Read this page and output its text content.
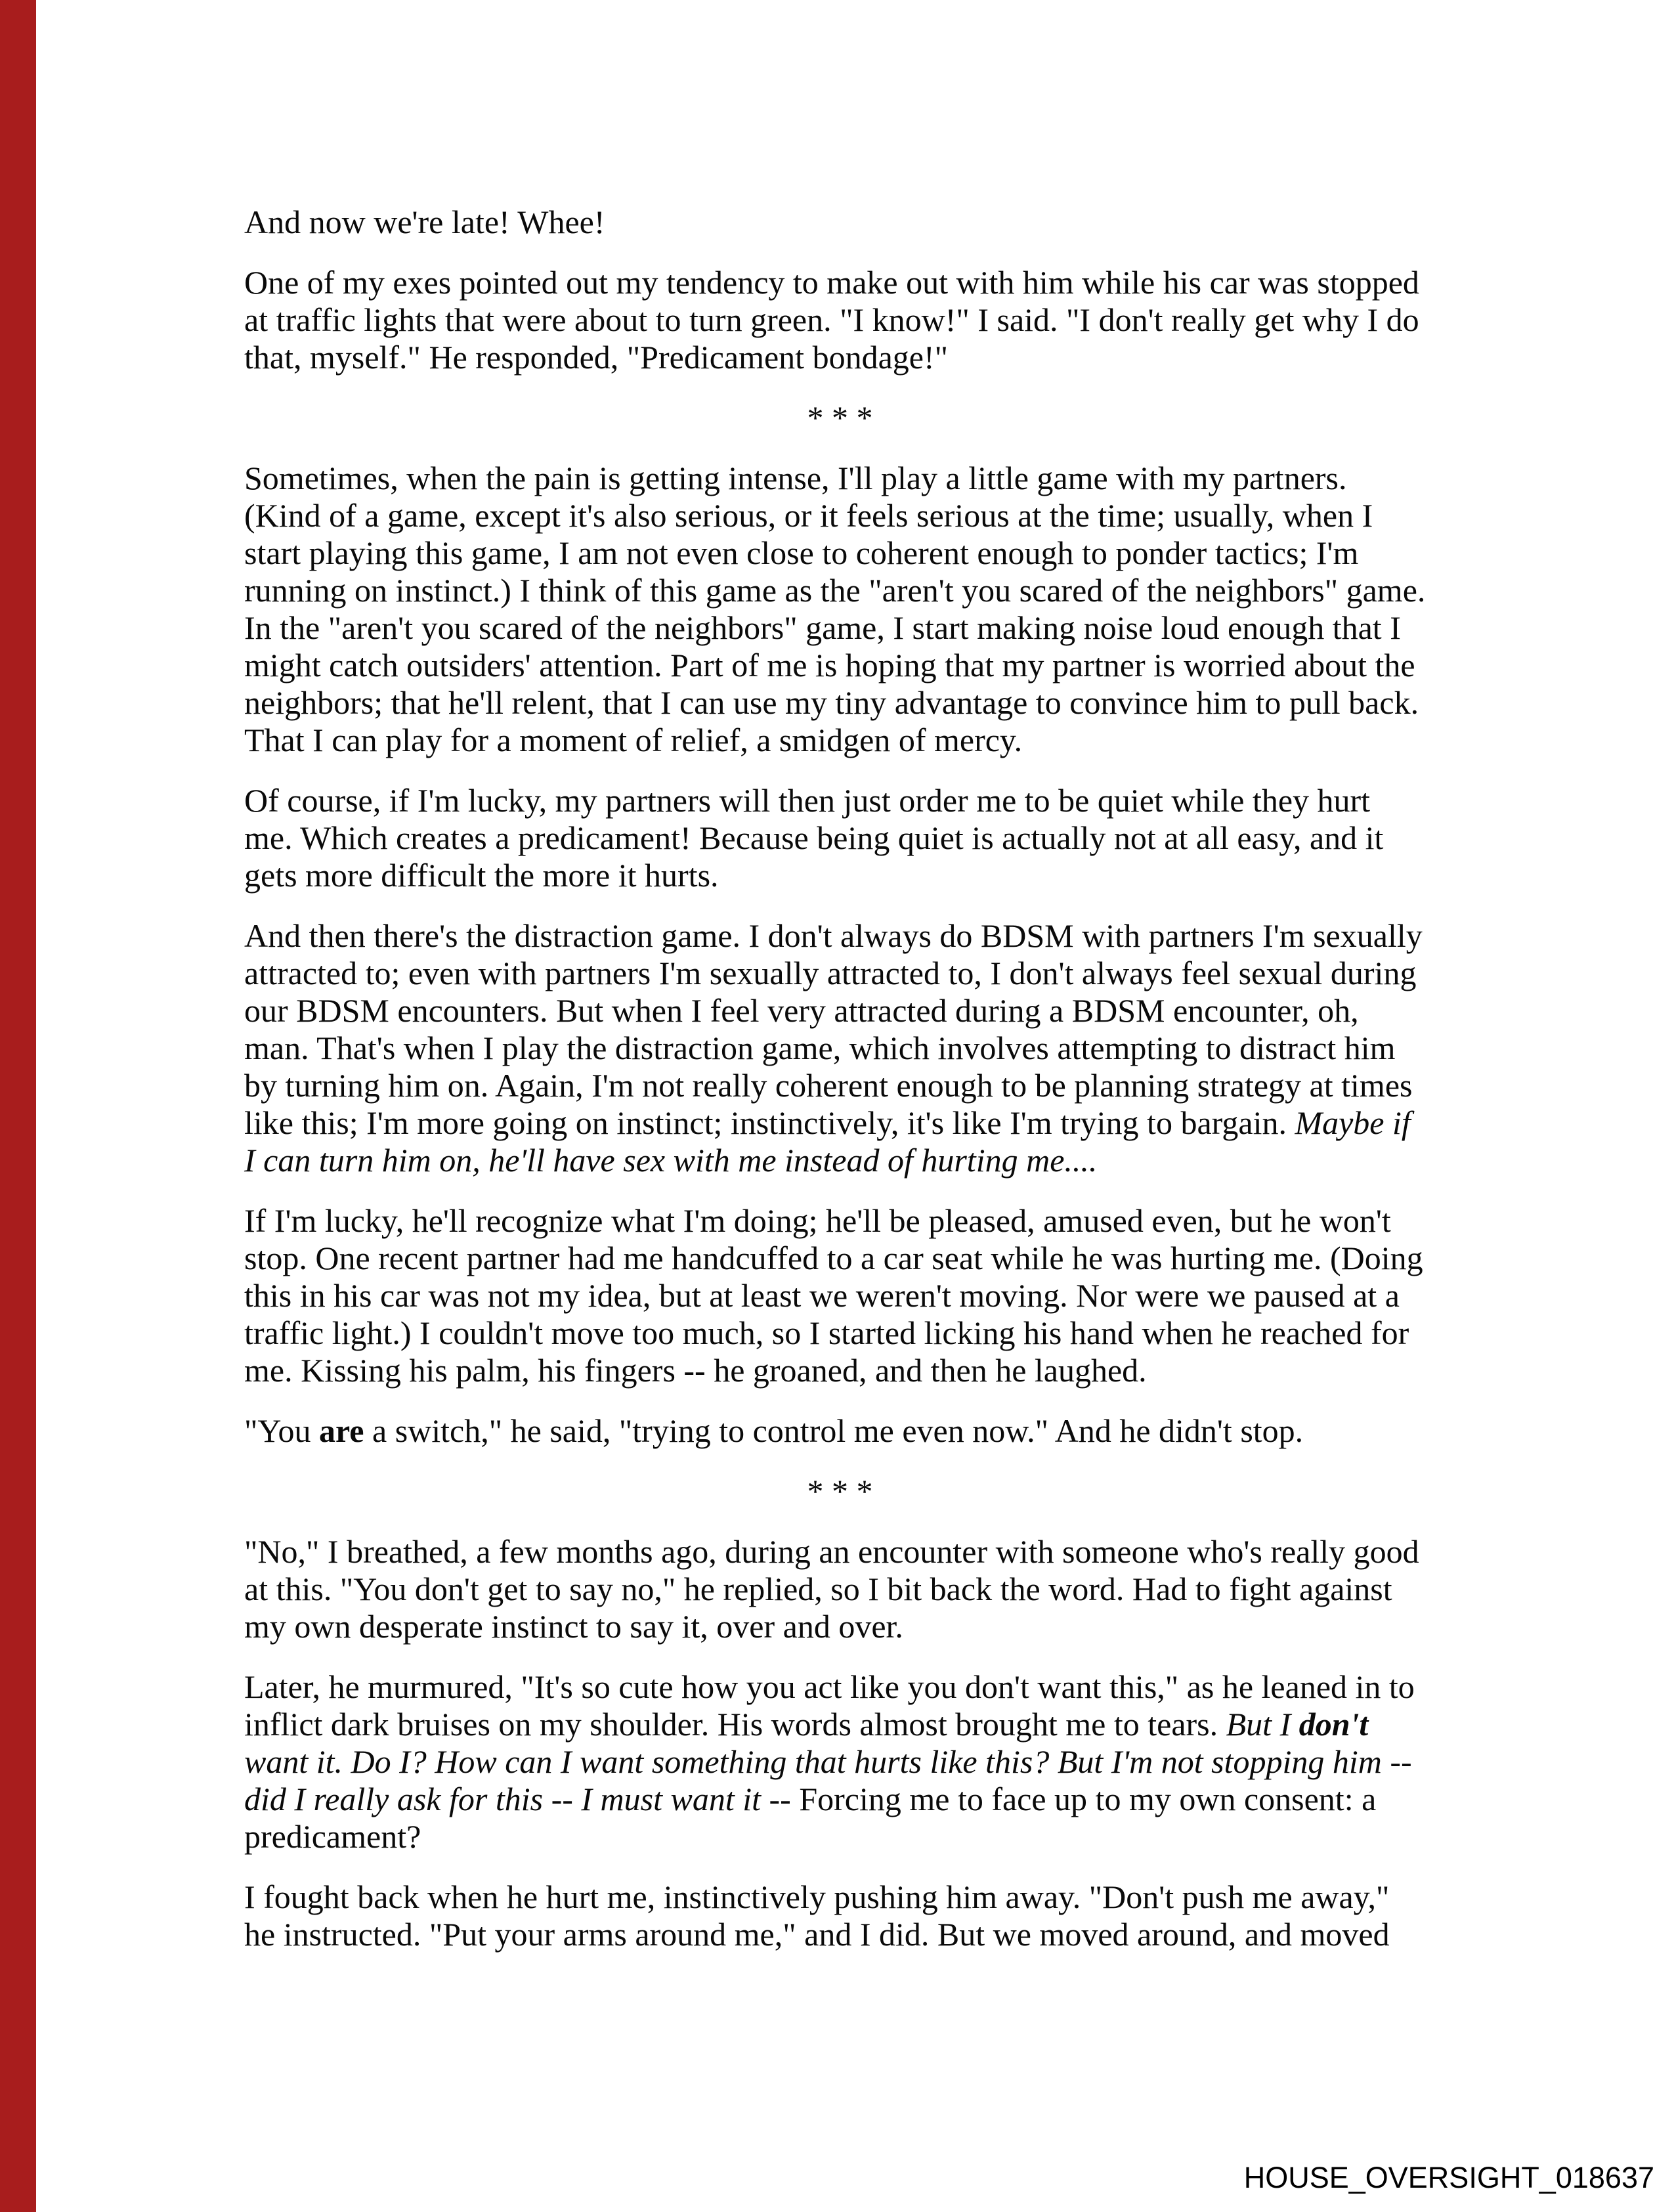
And now we're late! Whee!

One of my exes pointed out my tendency to make out with him while his car was stopped
at traffic lights that were about to turn green. "I know!" I said. "I don't really get why I do
that, myself." He responded, "Predicament bondage!"

* * *

Sometimes, when the pain is getting intense, I'll play a little game with my partners.
(Kind of a game, except it's also serious, or it feels serious at the time; usually, when I
start playing this game, I am not even close to coherent enough to ponder tactics; I'm
running on instinct.) I think of this game as the "aren't you scared of the neighbors" game.
In the "aren't you scared of the neighbors" game, I start making noise loud enough that I
might catch outsiders' attention. Part of me is hoping that my partner is worried about the
neighbors; that he'll relent, that I can use my tiny advantage to convince him to pull back.
That I can play for a moment of relief, a smidgen of mercy.

Of course, if I'm lucky, my partners will then just order me to be quiet while they hurt
me. Which creates a predicament! Because being quiet is actually not at all easy, and it
gets more difficult the more it hurts.

And then there's the distraction game. I don't always do BDSM with partners I'm sexually
attracted to; even with partners I'm sexually attracted to, I don't always feel sexual during
our BDSM encounters. But when I feel very attracted during a BDSM encounter, oh,
man. That's when I play the distraction game, which involves attempting to distract him
by turning him on. Again, I'm not really coherent enough to be planning strategy at times
like this; I'm more going on instinct; instinctively, it's like I'm trying to bargain. Maybe if
I can turn him on, he'll have sex with me instead of hurting me....

If I'm lucky, he'll recognize what I'm doing; he'll be pleased, amused even, but he won't
stop. One recent partner had me handcuffed to a car seat while he was hurting me. (Doing
this in his car was not my idea, but at least we weren't moving. Nor were we paused at a
traffic light.) I couldn't move too much, so I started licking his hand when he reached for
me. Kissing his palm, his fingers -- he groaned, and then he laughed.

"You are a switch," he said, "trying to control me even now." And he didn't stop.

* * *

"No," I breathed, a few months ago, during an encounter with someone who's really good
at this. "You don't get to say no," he replied, so I bit back the word. Had to fight against
my own desperate instinct to say it, over and over.

Later, he murmured, "It's so cute how you act like you don't want this," as he leaned in to
inflict dark bruises on my shoulder. His words almost brought me to tears. But I don't
want it. Do I? How can I want something that hurts like this? But I'm not stopping him --
did I really ask for this -- I must want it -- Forcing me to face up to my own consent: a
predicament?

I fought back when he hurt me, instinctively pushing him away. "Don't push me away,"
he instructed. "Put your arms around me," and I did. But we moved around, and moved

HOUSE_OVERSIGHT_018637
